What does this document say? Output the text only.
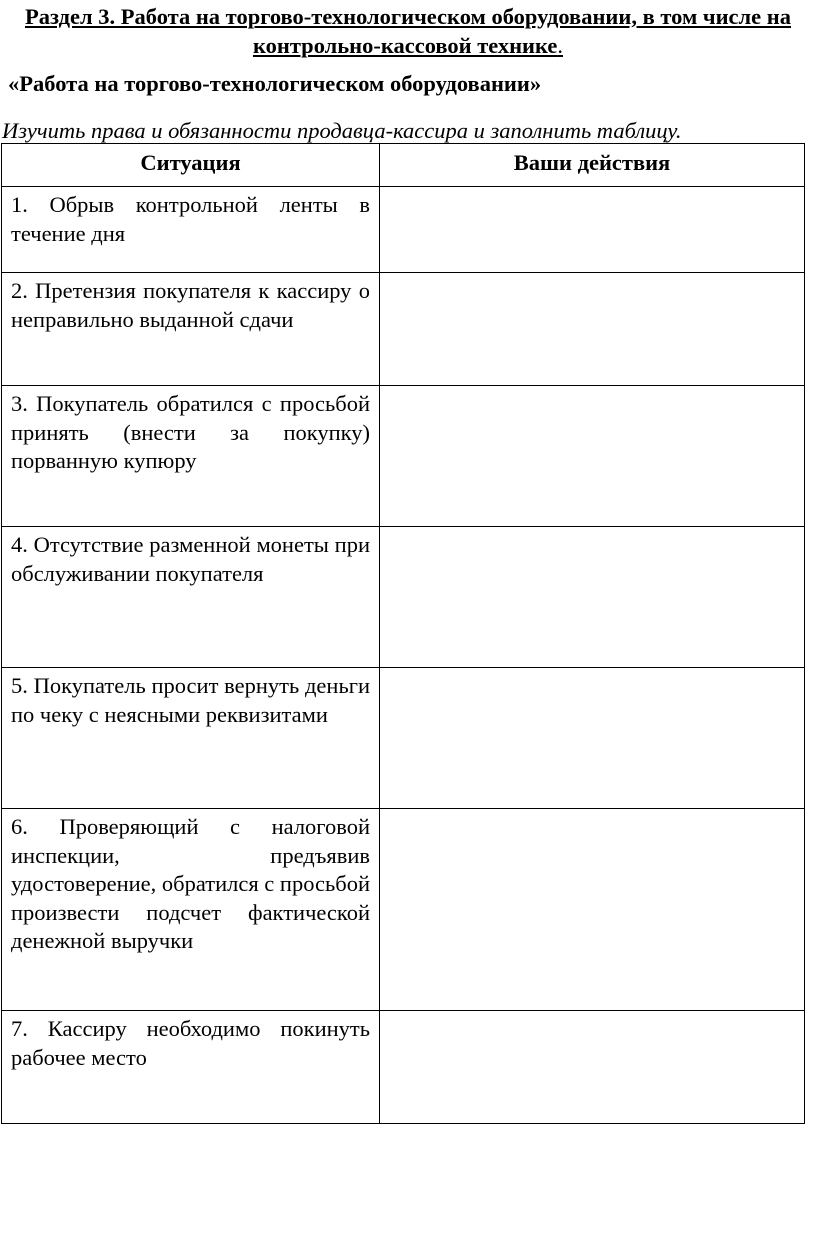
Раздел 3. Работа на торгово-технологическом оборудовании, в том числе на контрольно-кассовой технике.

«Работа на торгово-технологическом оборудовании»

Изучить права и обязанности продавца-кассира и заполнить таблицу.

Ситуация	Ваши действия
1. Обрыв контрольной ленты в течение дня	
2. Претензия покупателя к кассиру о неправильно выданной сдачи	
3. Покупатель обратился с просьбой принять (внести за покупку) порванную купюру	
4. Отсутствие разменной монеты при обслуживании покупателя	
5. Покупатель просит вернуть деньги по чеку с неясными реквизитами	
6. Проверяющий с налоговой инспекции, предъявив удостоверение, обратился с просьбой произвести подсчет фактической денежной выручки	
7. Кассиру необходимо покинуть рабочее место	
